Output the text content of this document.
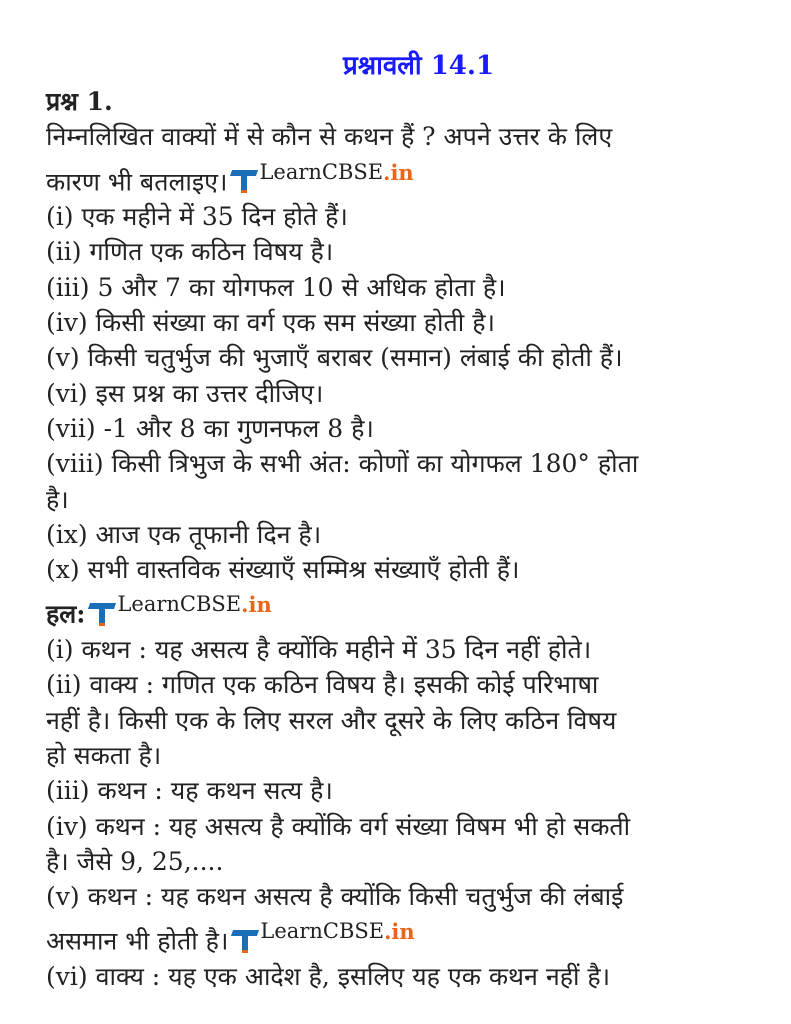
प्रश्नावली 14.1
प्रश्न 1.
निम्नलिखित वाक्यों में से कौन से कथन हैं ? अपने उत्तर के लिए
कारण भी बतलाइए। LearnCBSE .in
(i) एक महीने में 35 दिन होते हैं।
(ii) गणित एक कठिन विषय है।
(iii) 5 और 7 का योगफल 10 से अधिक होता है।
(iv) किसी संख्या का वर्ग एक सम संख्या होती है।
(v) किसी चतुर्भुज की भुजाएँ बराबर (समान) लंबाई की होती हैं।
(vi) इस प्रश्न का उत्तर दीजिए।
(vii) -1 और 8 का गुणनफल 8 है।
(viii) किसी त्रिभुज के सभी अंत: कोणों का योगफल 180° होता
है।
(ix) आज एक तूफानी दिन है।
(x) सभी वास्तविक संख्याएँ सम्मिश्र संख्याएँ होती हैं।
हल: LearnCBSE .in
(i) कथन : यह असत्य है क्योंकि महीने में 35 दिन नहीं होते।
(ii) वाक्य : गणित एक कठिन विषय है। इसकी कोई परिभाषा
नहीं है। किसी एक के लिए सरल और दूसरे के लिए कठिन विषय
हो सकता है।
(iii) कथन : यह कथन सत्य है।
(iv) कथन : यह असत्य है क्योंकि वर्ग संख्या विषम भी हो सकती
है। जैसे 9, 25,....
(v) कथन : यह कथन असत्य है क्योंकि किसी चतुर्भुज की लंबाई
असमान भी होती है। LearnCBSE .in
(vi) वाक्य : यह एक आदेश है, इसलिए यह एक कथन नहीं है।
